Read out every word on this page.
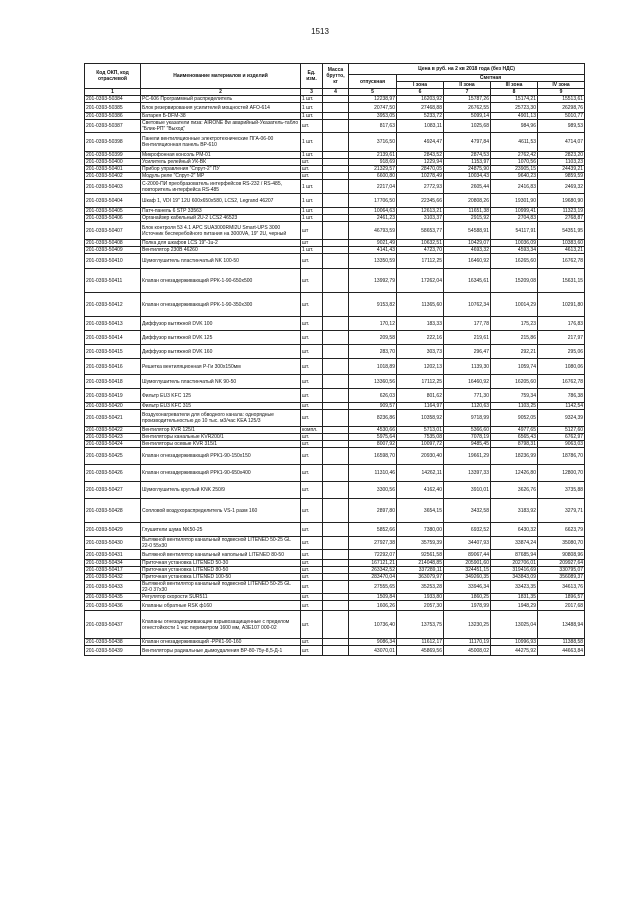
1513
Код ОКП, код отраслевой	Наименование материалов и изделий	Ед. изм.	Масса брутто, кг	Цена в руб. на 2 кв 2018 года (без НДС)				
				отпускная	Сметная			
					I зона	II зона	III зона	IV зона
1	2	3	4	5	6	7	8	9
201-0393-50384	PC-606 Программный распределитель	1 шт.		12238,97	16203,92	15787,26	15174,21	15513,61
201-0393-50385	Блок резервирования усилителей мощностей AFO-614	1 шт.		20747,50	27468,88	26762,55	25723,30	26298,76
201-0393-50386	Батарея Б-DFM-38	1 шт.		3953,05	5233,72	5099,14	4901,13	5010,77
201-0393-50387	Световые указатели пиза: AIRONE 8w аварийный-Указатель-табло "Блик-РП" "Выход"	шт.		817,63	1083,11	1025,68	984,96	989,53
201-0393-50398	Панели вентиляционные электротехнические ПГА-06-00 Вентиляционная панель ВР-610	1 шт.		3716,50	4924,47	4797,84	4611,53	4714,07
201-0393-50399	Микрофонная консоль РМ-01	1 шт.		2139,61	2843,52	2874,53	2762,42	2823,20
201-0393-50400	Усилитель релейный УК-ВК	шт.		918,69	1229,94	1153,97	1070,56	1103,23
201-0393-50401	Прибор управления "Спрут-2" ПУ	шт.		21329,57	28470,05	24875,90	23905,15	24439,21
201-0393-50402	Модуль реле "Спрут-2" МР	шт.		6600,80	10278,49	10034,43	9640,23	9859,59
201-0393-50403	С-2000-ПИ преобразователь интерфейсов RS-232 / RS-485, повторитель интерфейса RS-485	1 шт.		2217,04	2772,93	2605,44	2416,83	2469,32
201-0393-50404	Шкаф 1, VDI 19" 12U 600х650х580, LCS2, Legrand 46207	1 шт.		17706,50	22345,66	20808,26	19301,90	19680,90
201-0393-50405	Патч-панель 6 STP 33563	1 шт.		10064,63	12613,21	11651,38	10999,41	11323,19
201-0393-50406	Органайзер кабельный 2U-2 LCS2 46523	1 шт.		2461,23	3103,37	2915,92	2704,83	2768,87
201-0393-50407	Блок контроля 53 4.1 APC SUA3000RMI2U Smart-UPS 3000 Источник бесперебойного питания на 3000VA, 19" 2U, черный	шт		46793,59	58653,77	54588,91	54117,91	54351,95
201-0393-50408	Полка для шкафов LCS 19"-1u-2	шт		9021,49	10632,51	10429,07	10036,09	10383,60
201-0393-50409	Вентилятор 230В 46260	1 шт.		4141,43	4723,70	4693,32	4593,34	4613,21
201-0393-50410	Шумоглушитель пластинчатый NK 100-50	шт.		13350,59	17112,25	16460,92	16265,60	16762,78
201-0393-50411	Клапан огнезадерживающий РРК-1-90-650х500	шт.		13992,79	17262,04	16345,61	15209,08	15631,15
201-0393-50412	Клапан огнезадерживающий РРК-1-90-350х300	шт.		9153,82	11365,60	10762,34	10014,29	10291,80
201-0393-50413	Диффузор вытяжной DVK 100	шт.		170,12	183,33	177,78	175,23	176,83
201-0393-50414	Диффузор вытяжной DVK 125	шт.		209,58	222,16	219,61	215,86	217,97
201-0393-50415	Диффузор вытяжной DVK 160	шт.		283,70	303,73	296,47	292,21	295,06
201-0393-50416	Решетка вентиляционная Р-Ги 300х150мм	шт.		1018,89	1202,13	1139,30	1059,74	1080,06
201-0393-50418	Шумоглушитель пластинчатый NK 90-50	шт.		13360,56	17112,25	16460,92	16205,60	16762,78
201-0393-50419	Фильтр EU3 KFC 125	шт.		626,03	801,62	771,30	759,34	786,38
201-0393-50420	Фильтр EU3 KFC 315	шт.		909,57	1164,97	1120,63	1103,25	1142,54
201-0393-50421	Воздухонагреватели для обводного канала: однорядные производительностью до 10 тыс. м3/час KEA 125/3	шт.		8236,86	10358,92	9718,99	9052,05	9324,39
201-0393-50422	Вентилятор KVR 125/1	компл.		4530,66	5713,01	5366,60	4977,65	5127,60
201-0393-50423	Вентиляторы канальные KVR200/1	шт.		5975,64	7535,08	7078,19	6565,43	6762,97
201-0393-50424	Вентиляторы осевые KVR 315/1	шт.		8007,92	10097,72	9485,45	8798,31	9063,03
201-0393-50425	Клапан огнезадерживающий РРК1-90-150х150	шт.		16598,70	20930,40	19661,29	18236,99	18786,70
201-0393-50426	Клапан огнезадерживающий РРК1-90-650х400	шт.		11310,46	14262,11	13397,33	12426,80	12800,70
201-0393-50427	Шумоглушитель круглый KNK 250/9	шт.		3300,56	4162,40	3910,01	3626,76	3735,88
201-0393-50428	Сопловой воздухораспределитель VS-1 разм 160	шт.		2897,80	3654,15	3432,58	3183,92	3279,71
201-0393-50429	Глушители шума NK50-25	шт.		5852,66	7380,00	6932,52	6430,32	6623,79
201-0393-50430	Вытяжной вентилятор канальный подвесной LITENED 50-25 GL 22-0 55х30	шт.		27927,38	35759,39	34407,93	33874,24	35080,70
201-0393-50431	Вытяжной вентилятор канальный напольный LITENED 80-50	шт.		72292,07	92561,58	89067,44	87685,94	90808,96
201-0393-50434	Приточная установка LITENED 50-30	шт.		167121,21	214048,85	205901,60	202706,01	209927,64
201-0393-50417	Приточная установка LITENED 80-50	шт.		263342,52	337289,11	324451,15	319416,69	330795,07
201-0393-50432	Приточная установка LITENED 100-50	шт.		283470,04	363079,97	349260,35	343843,09	356089,37
201-0393-50433	Вытяжной вентилятор канальный подвесной LITENED 50-25 GL 22-0 37х30	шт.		27555,65	35253,28	33946,34	33423,35	34613,76
201-0393-50435	Регулятор скорости SUR511	шт.		1509,84	1933,80	1860,25	1831,35	1896,57
201-0393-50436	Клапаны обратные RSK ф160	шт.		1606,26	2057,30	1978,99	1948,29	2017,68
201-0393-50437	Клапаны огнезадерживающие взрывозащищенные с пределом огнестойкости 1 час периметром 1600 мм, A3Е107 000-02	шт.		10736,40	13753,75	13230,25	13025,04	13488,94
201-0393-50438	Клапан огнезадерживающий -РРК1-90-160	шт.		9086,34	11612,17	11170,19	10996,93	11388,58
201-0393-50439	Вентиляторы радиальные дымоудаления ВР-80-75у-8,5-Д-1	шт.		43070,01	45869,56	45008,02	44275,92	44663,84
